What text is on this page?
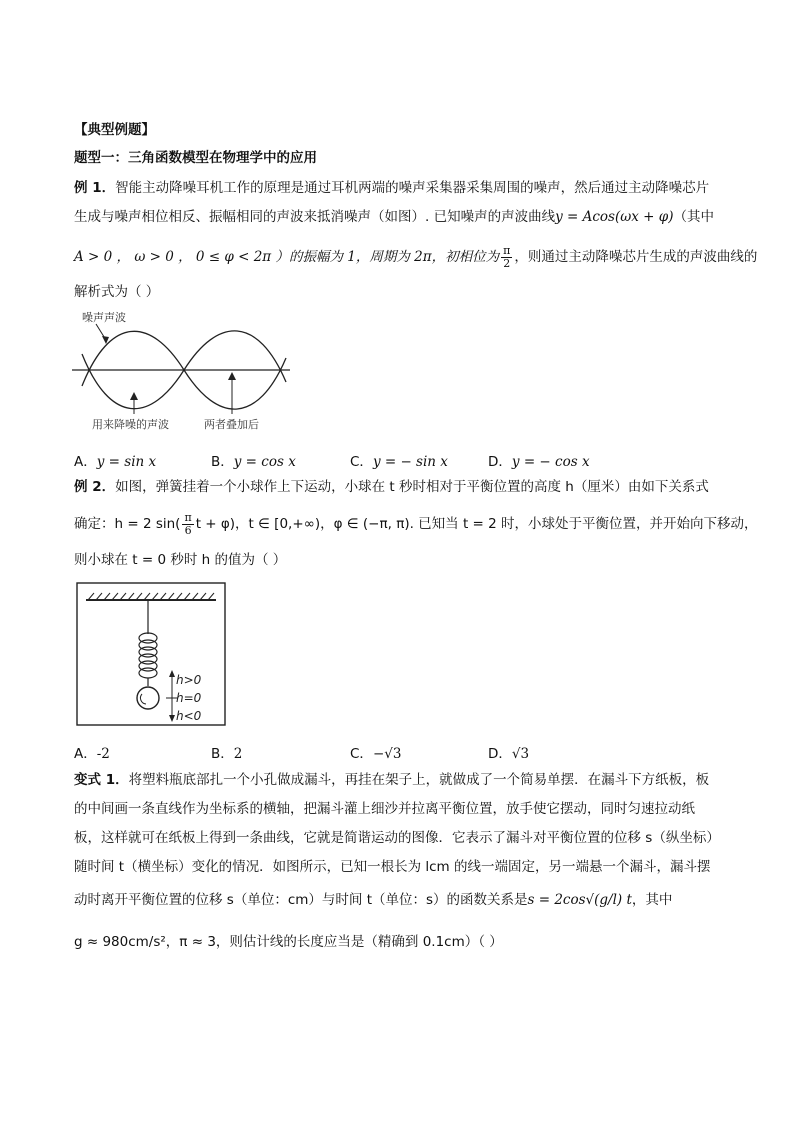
【典型例题】
题型一：三角函数模型在物理学中的应用
例 1．智能主动降噪耳机工作的原理是通过耳机两端的噪声采集器采集周围的噪声，然后通过主动降噪芯片
生成与噪声相位相反、振幅相同的声波来抵消噪声（如图）. 已知噪声的声波曲线y = Acos(ωx + φ)（其中
A > 0 ， ω > 0 ， 0 ≤ φ < 2π ）的振幅为 1，周期为 2π，初相位为 $\frac{\pi}{2}$ ，则通过主动降噪芯片生成的声波曲线的
解析式为（ ）
噪声声波
用来降噪的声波	两者叠加后
A．y = sin x	B．y = cos x	C．y = − sin x	D．y = − cos x
例 2．如图，弹簧挂着一个小球作上下运动，小球在 t 秒时相对于平衡位置的高度 h（厘米）由如下关系式
确定：h = 2 $\sin( \frac{\pi}{6}$ t + φ)，t ∈ [0,+∞)，φ ∈ (−π, π). 已知当 t = 2 时，小球处于平衡位置，并开始向下移动，
则小球在 t = 0 秒时 h 的值为（ ）
h>0
h=0
h<0
A．-2	B．2	C．−√3	D．√3
变式 1．将塑料瓶底部扎一个小孔做成漏斗，再挂在架子上，就做成了一个简易单摆．在漏斗下方纸板，板
的中间画一条直线作为坐标系的横轴，把漏斗灌上细沙并拉离平衡位置，放手使它摆动，同时匀速拉动纸
板，这样就可在纸板上得到一条曲线，它就是简谐运动的图像．它表示了漏斗对平衡位置的位移 s（纵坐标）
随时间 t（横坐标）变化的情况．如图所示，已知一根长为 lcm 的线一端固定，另一端悬一个漏斗，漏斗摆
动时离开平衡位置的位移 s（单位：cm）与时间 t（单位：s）的函数关系是s = 2cos√(g/l) t，其中
g ≈ 980cm/s²，π ≈ 3，则估计线的长度应当是（精确到 0.1cm）（ ）
